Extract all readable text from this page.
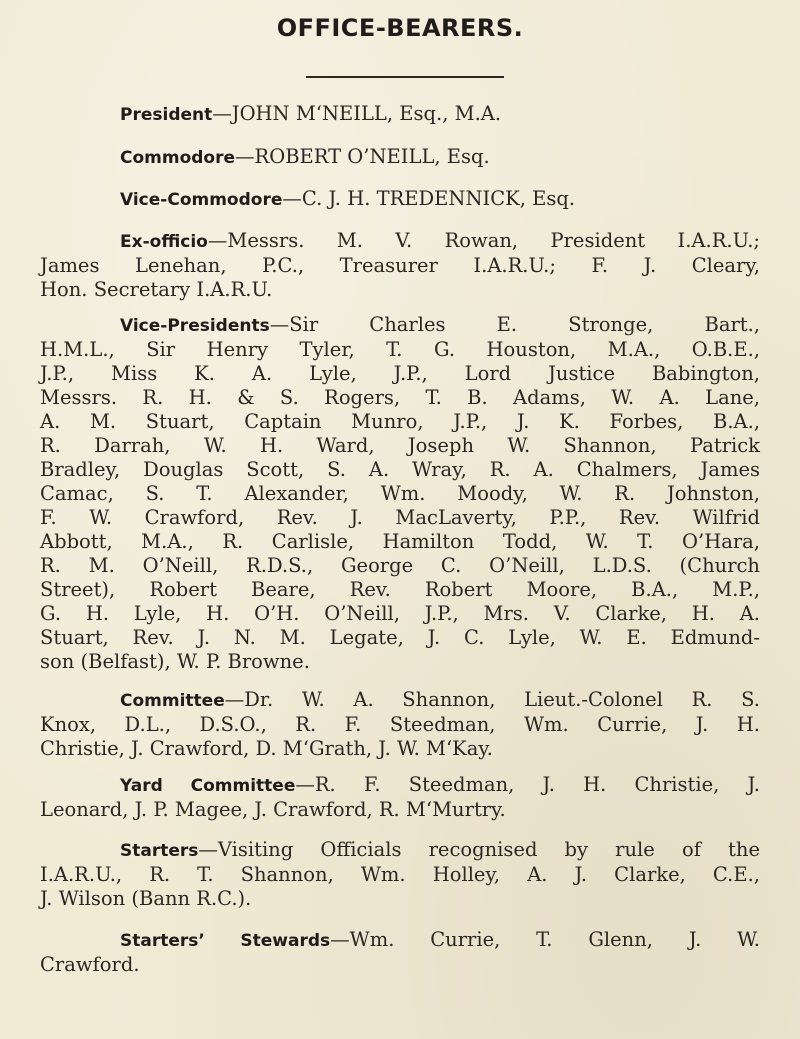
OFFICE-BEARERS.
President—JOHN M‘NEILL, Esq., M.A.
Commodore—ROBERT O’NEILL, Esq.
Vice-Commodore—C. J. H. TREDENNICK, Esq.
Ex-officio—Messrs. M. V. Rowan, President I.A.R.U.;
James Lenehan, P.C., Treasurer I.A.R.U.; F. J. Cleary,
Hon. Secretary I.A.R.U.
Vice-Presidents—Sir Charles E. Stronge, Bart.,
H.M.L., Sir Henry Tyler, T. G. Houston, M.A., O.B.E.,
J.P., Miss K. A. Lyle, J.P., Lord Justice Babington,
Messrs. R. H. & S. Rogers, T. B. Adams, W. A. Lane,
A. M. Stuart, Captain Munro, J.P., J. K. Forbes, B.A.,
R. Darrah, W. H. Ward, Joseph W. Shannon, Patrick
Bradley, Douglas Scott, S. A. Wray, R. A. Chalmers, James
Camac, S. T. Alexander, Wm. Moody, W. R. Johnston,
F. W. Crawford, Rev. J. MacLaverty, P.P., Rev. Wilfrid
Abbott, M.A., R. Carlisle, Hamilton Todd, W. T. O’Hara,
R. M. O’Neill, R.D.S., George C. O’Neill, L.D.S. (Church
Street), Robert Beare, Rev. Robert Moore, B.A., M.P.,
G. H. Lyle, H. O’H. O’Neill, J.P., Mrs. V. Clarke, H. A.
Stuart, Rev. J. N. M. Legate, J. C. Lyle, W. E. Edmund-
son (Belfast), W. P. Browne.
Committee—Dr. W. A. Shannon, Lieut.-Colonel R. S.
Knox, D.L., D.S.O., R. F. Steedman, Wm. Currie, J. H.
Christie, J. Crawford, D. M‘Grath, J. W. M‘Kay.
Yard Committee—R. F. Steedman, J. H. Christie, J.
Leonard, J. P. Magee, J. Crawford, R. M‘Murtry.
Starters—Visiting Officials recognised by rule of the
I.A.R.U., R. T. Shannon, Wm. Holley, A. J. Clarke, C.E.,
J. Wilson (Bann R.C.).
Starters’ Stewards—Wm. Currie, T. Glenn, J. W.
Crawford.
